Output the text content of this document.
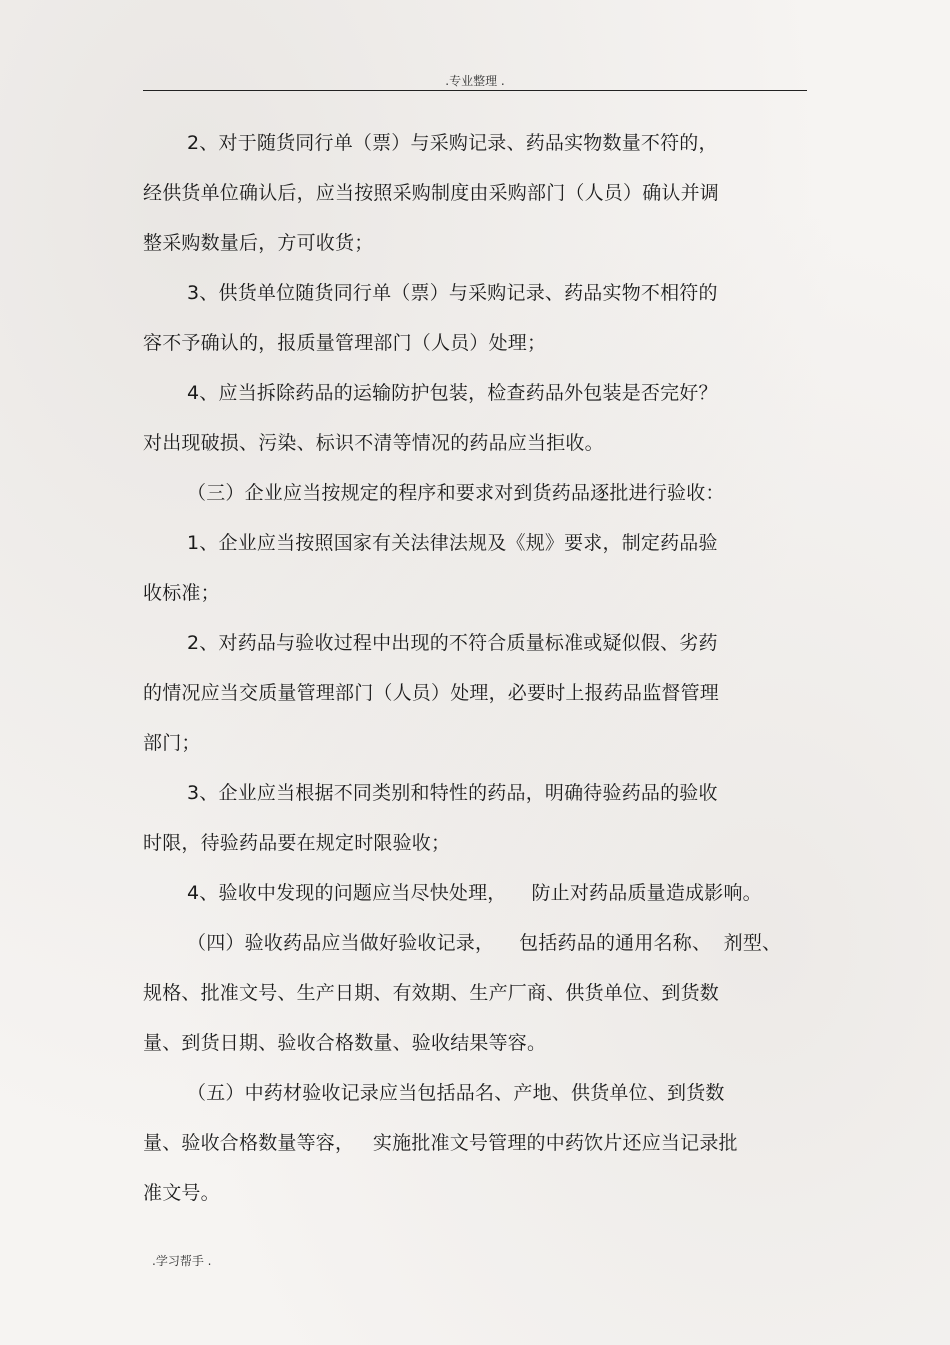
.专业整理 .
2、对于随货同行单（票）与采购记录、药品实物数量不符的，
经供货单位确认后，应当按照采购制度由采购部门（人员）确认并调
整采购数量后，方可收货；
3、供货单位随货同行单（票）与采购记录、药品实物不相符的
容不予确认的，报质量管理部门（人员）处理；
4、应当拆除药品的运输防护包装，检查药品外包装是否完好？
对出现破损、污染、标识不清等情况的药品应当拒收。
（三）企业应当按规定的程序和要求对到货药品逐批进行验收：
1、企业应当按照国家有关法律法规及《规》要求，制定药品验
收标准；
2、对药品与验收过程中出现的不符合质量标准或疑似假、劣药
的情况应当交质量管理部门（人员）处理，必要时上报药品监督管理
部门；
3、企业应当根据不同类别和特性的药品，明确待验药品的验收
时限，待验药品要在规定时限验收；
4、验收中发现的问题应当尽快处理，    防止对药品质量造成影响。
（四）验收药品应当做好验收记录，    包括药品的通用名称、  剂型、
规格、批准文号、生产日期、有效期、生产厂商、供货单位、到货数
量、到货日期、验收合格数量、验收结果等容。
（五）中药材验收记录应当包括品名、产地、供货单位、到货数
量、验收合格数量等容，   实施批准文号管理的中药饮片还应当记录批
准文号。
.学习帮手 .
